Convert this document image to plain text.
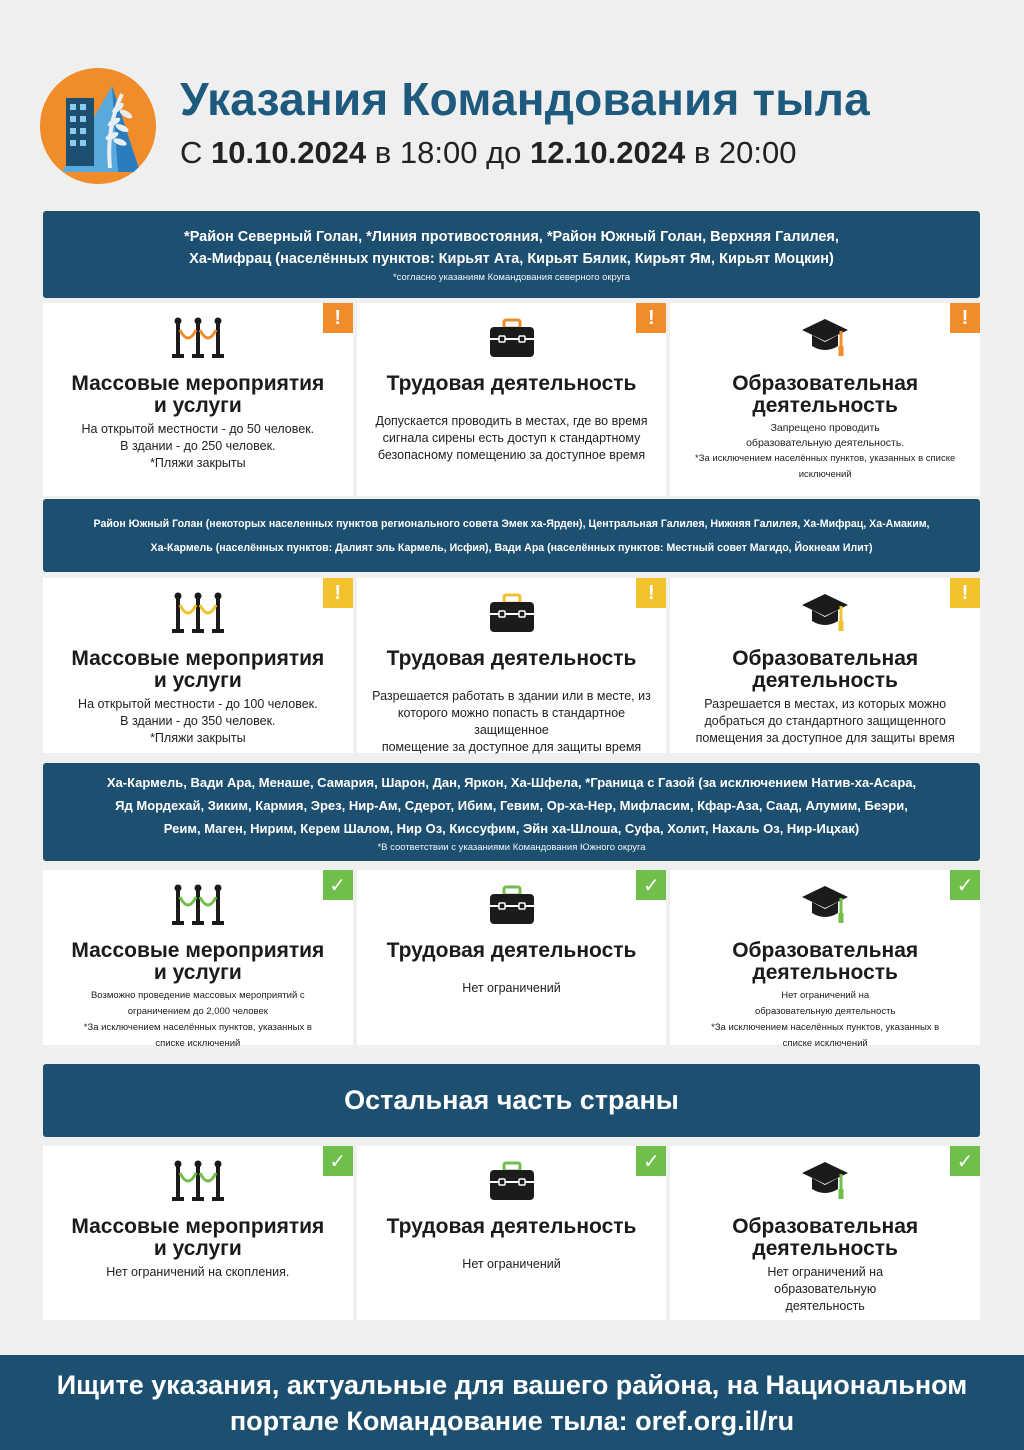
Указания Командования тыла
С 10.10.2024 в 18:00 до 12.10.2024 в 20:00
*Район Северный Голан, *Линия противостояния, *Район Южный Голан, Верхняя Галилея,
Ха-Мифрац (населённых пунктов: Кирьят Ата, Кирьят Бялик, Кирьят Ям, Кирьят Моцкин)
*согласно указаниям Командования северного округа
!
Массовые мероприятия
и услуги
На открытой местности - до 50 человек.
В здании - до 250 человек.
*Пляжи закрыты
!
Трудовая деятельность
Допускается проводить в местах, где во время
сигнала сирены есть доступ к стандартному
безопасному помещению за доступное время
!
Образовательная
деятельность
Запрещено проводить
образовательную деятельность.
*За исключением населённых пунктов, указанных в списке
исключений
Район Южный Голан (некоторых населенных пунктов регионального совета Эмек ха-Ярден), Центральная Галилея, Нижняя Галилея, Ха-Мифрац, Ха-Амаким,
Ха-Кармель (населённых пунктов: Далият эль Кармель, Исфия), Вади Ара (населённых пунктов: Местный совет Магидо, Йокнеам Илит)
!
Массовые мероприятия
и услуги
На открытой местности - до 100 человек.
В здании - до 350 человек.
*Пляжи закрыты
!
Трудовая деятельность
Разрешается работать в здании или в месте, из
которого можно попасть в стандартное защищенное
помещение за доступное для защиты время
!
Образовательная
деятельность
Разрешается в местах, из которых можно
добраться до стандартного защищенного
помещения за доступное для защиты время
Ха-Кармель, Вади Ара, Менаше, Самария, Шарон, Дан, Яркон, Ха-Шфела, *Граница с Газой (за исключением Натив-ха-Асара,
Яд Мордехай, Зиким, Кармия, Эрез, Нир-Ам, Сдерот, Ибим, Гевим, Ор-ха-Нер, Мифласим, Кфар-Аза, Саад, Алумим, Беэри,
Реим, Маген, Нирим, Керем Шалом, Нир Оз, Киссуфим, Эйн ха-Шлоша, Суфа, Холит, Нахаль Оз, Нир-Ицхак)
*В соответствии с указаниями Командования Южного округа
✓
Массовые мероприятия
и услуги
Возможно проведение массовых мероприятий с
ограничением до 2,000 человек
*За исключением населённых пунктов, указанных в
списке исключений
✓
Трудовая деятельность
Нет ограничений
✓
Образовательная
деятельность
Нет ограничений на
образовательную деятельность
*За исключением населённых пунктов, указанных в
списке исключений
Остальная часть страны
✓
Массовые мероприятия
и услуги
Нет ограничений на скопления.
✓
Трудовая деятельность
Нет ограничений
✓
Образовательная
деятельность
Нет ограничений на
образовательную
деятельность
Ищите указания, актуальные для вашего района, на Национальном
портале Командование тыла: oref.org.il/ru
